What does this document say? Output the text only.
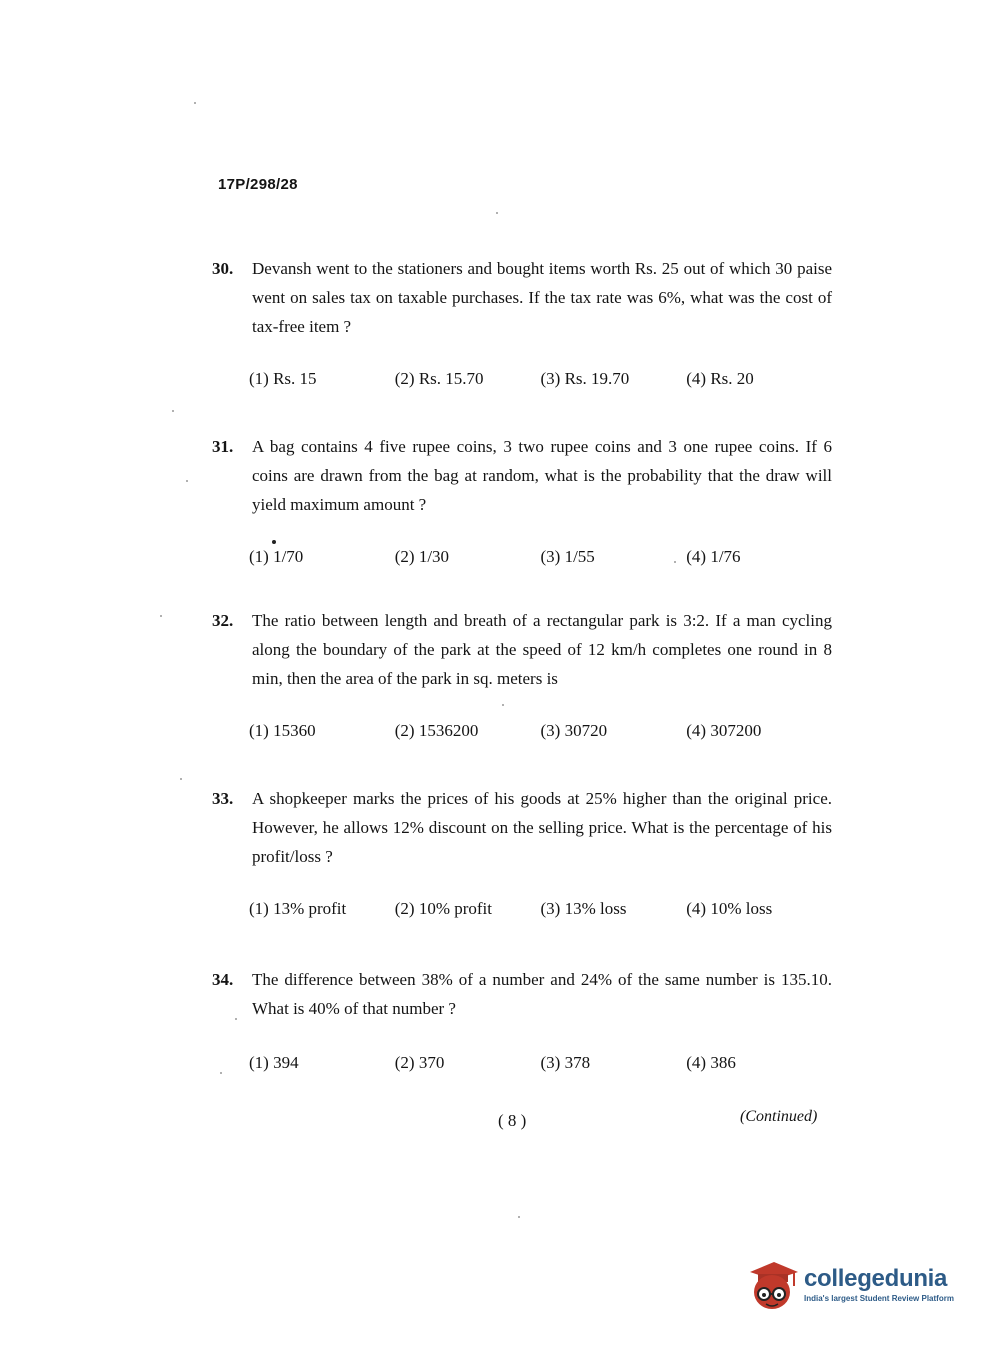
17P/298/28
30.	Devansh went to the stationers and bought items worth Rs. 25 out of which 30 paise went on sales tax on taxable purchases. If the tax rate was 6%, what was the cost of tax-free item ?
(1) Rs. 15	(2) Rs. 15.70	(3) Rs. 19.70	(4) Rs. 20
31.	A bag contains 4 five rupee coins, 3 two rupee coins and 3 one rupee coins. If 6 coins are drawn from the bag at random, what is the probability that the draw will yield maximum amount ?
(1) 1/70	(2) 1/30	(3) 1/55	(4) 1/76
32.	The ratio between length and breath of a rectangular park is 3:2. If a man cycling along the boundary of the park at the speed of 12 km/h completes one round in 8 min, then the area of the park in sq. meters is
(1) 15360	(2) 1536200	(3) 30720	(4) 307200
33.	A shopkeeper marks the prices of his goods at 25% higher than the original price. However, he allows 12% discount on the selling price. What is the percentage of his profit/loss ?
(1) 13% profit	(2) 10% profit	(3) 13% loss	(4) 10% loss
34.	The difference between 38% of a number and 24% of the same number is 135.10. What is 40% of that number ?
(1) 394	(2) 370	(3) 378	(4) 386
( 8 )	(Continued)
collegedunia
India's largest Student Review Platform
